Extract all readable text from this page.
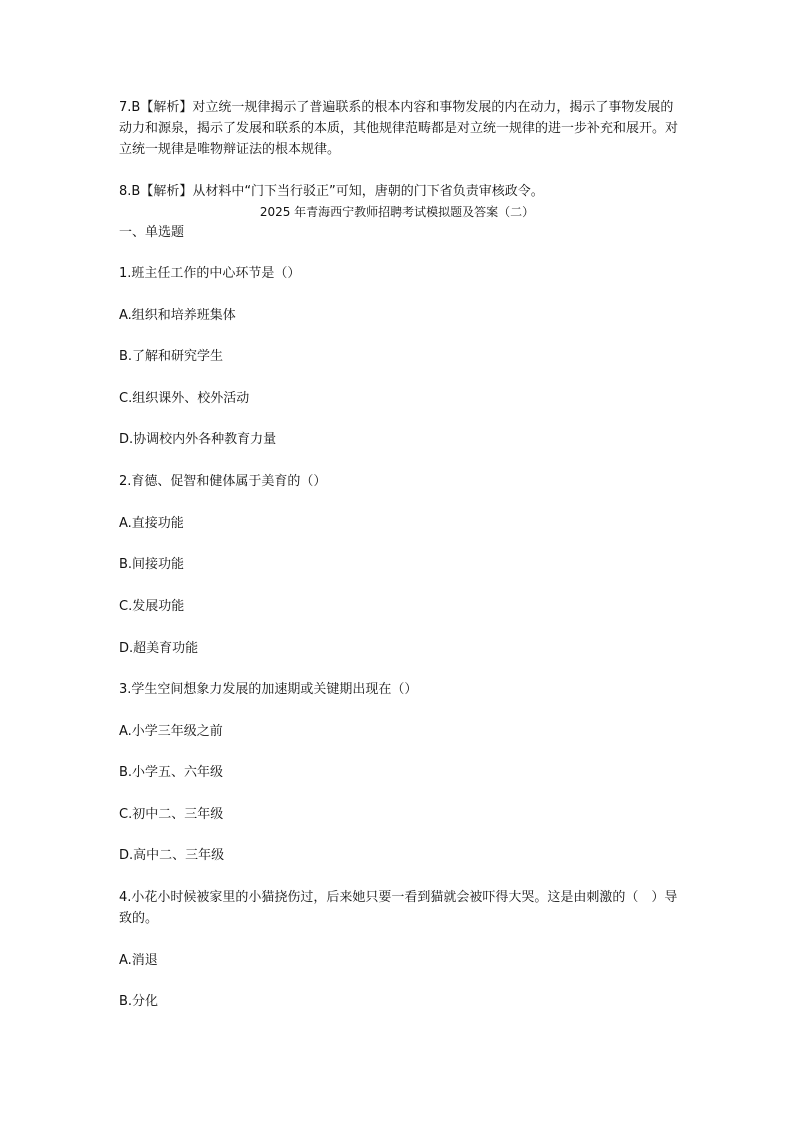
7.B【解析】对立统一规律揭示了普遍联系的根本内容和事物发展的内在动力，揭示了事物发展的动力和源泉，揭示了发展和联系的本质，其他规律范畴都是对立统一规律的进一步补充和展开。对立统一规律是唯物辩证法的根本规律。
8.B【解析】从材料中“门下当行驳正”可知，唐朝的门下省负责审核政令。
2025 年青海西宁教师招聘考试模拟题及答案（二）
一、单选题
1.班主任工作的中心环节是（）
A.组织和培养班集体
B.了解和研究学生
C.组织课外、校外活动
D.协调校内外各种教育力量
2.育德、促智和健体属于美育的（）
A.直接功能
B.间接功能
C.发展功能
D.超美育功能
3.学生空间想象力发展的加速期或关键期出现在（）
A.小学三年级之前
B.小学五、六年级
C.初中二、三年级
D.高中二、三年级
4.小花小时候被家里的小猫挠伤过，后来她只要一看到猫就会被吓得大哭。这是由刺激的（　）导致的。
A.消退
B.分化
